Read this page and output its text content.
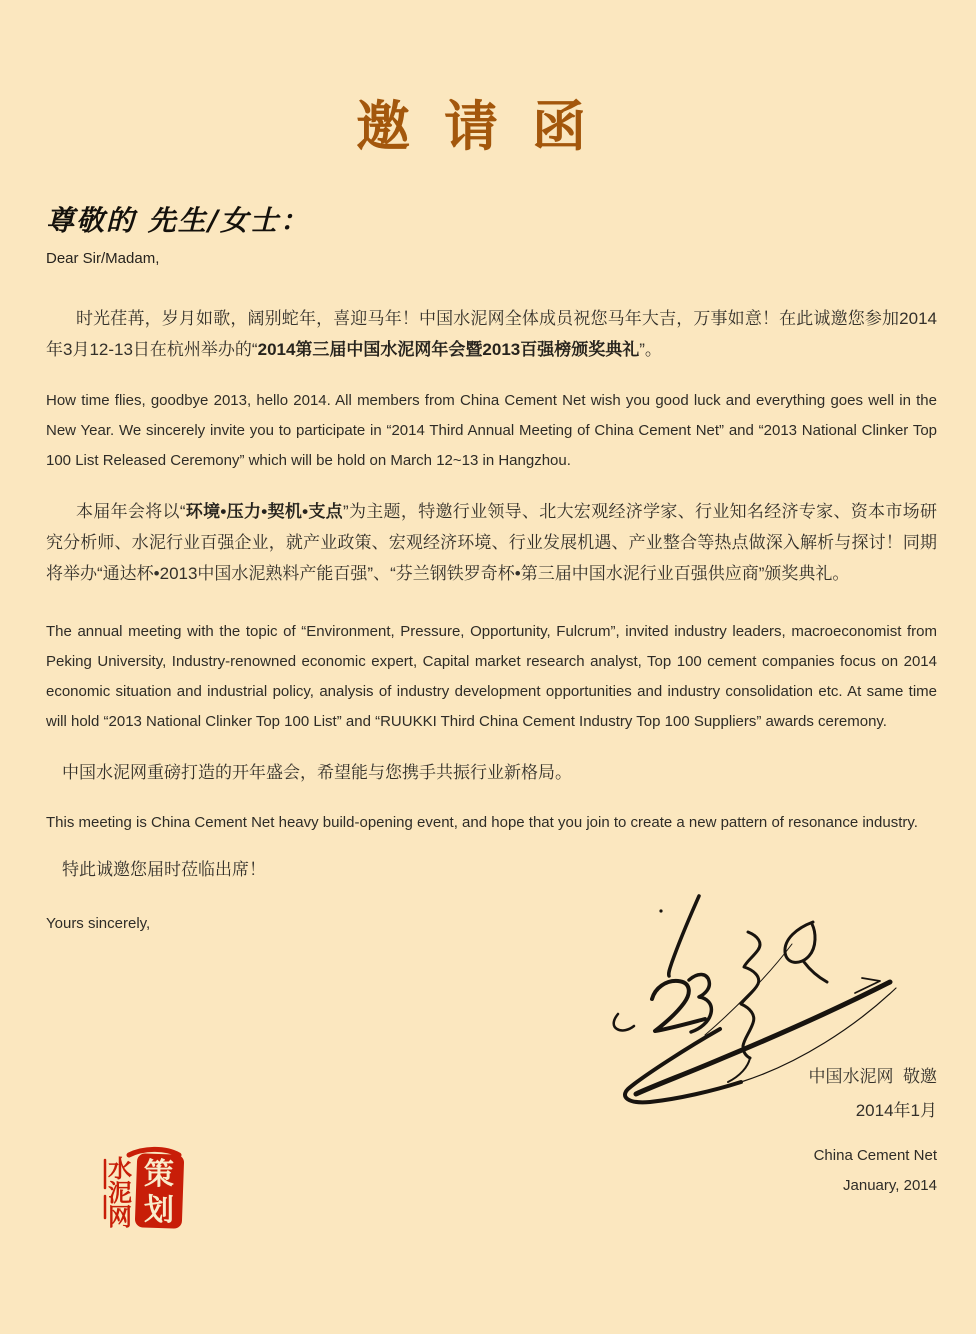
邀请函
尊敬的 先生/女士：
Dear Sir/Madam,

时光荏苒，岁月如歌，阔别蛇年，喜迎马年！中国水泥网全体成员祝您马年大吉，万事如意！在此诚邀您参加2014年3月12-13日在杭州举办的“2014第三届中国水泥网年会暨2013百强榜颁奖典礼”。

How time flies, goodbye 2013, hello 2014. All members from China Cement Net wish you good luck and everything goes well in the New Year. We sincerely invite you to participate in “2014 Third Annual Meeting of China Cement Net” and “2013 National Clinker Top 100 List Released Ceremony” which will be hold on March 12~13 in Hangzhou.

本届年会将以“环境•压力•契机•支点”为主题，特邀行业领导、北大宏观经济学家、行业知名经济专家、资本市场研究分析师、水泥行业百强企业，就产业政策、宏观经济环境、行业发展机遇、产业整合等热点做深入解析与探讨！同期将举办“通达杯•2013中国水泥熟料产能百强”、“芬兰钢铁罗奇杯•第三届中国水泥行业百强供应商”颁奖典礼。

The annual meeting with the topic of “Environment, Pressure, Opportunity, Fulcrum”, invited industry leaders, macroeconomist from Peking University, Industry-renowned economic expert, Capital market research analyst, Top 100 cement companies focus on 2014 economic situation and industrial policy, analysis of industry development opportunities and industry consolidation etc. At same time will hold “2013 National Clinker Top 100 List” and “RUUKKI Third China Cement Industry Top 100 Suppliers” awards ceremony.

中国水泥网重磅打造的开年盛会，希望能与您携手共振行业新格局。

This meeting is China Cement Net heavy build-opening event, and hope that you join to create a new pattern of resonance industry.

特此诚邀您届时莅临出席！

Yours sincerely,

中国水泥网  敬邀
2014年1月
China Cement Net
January, 2014
策
划
水
泥
网
